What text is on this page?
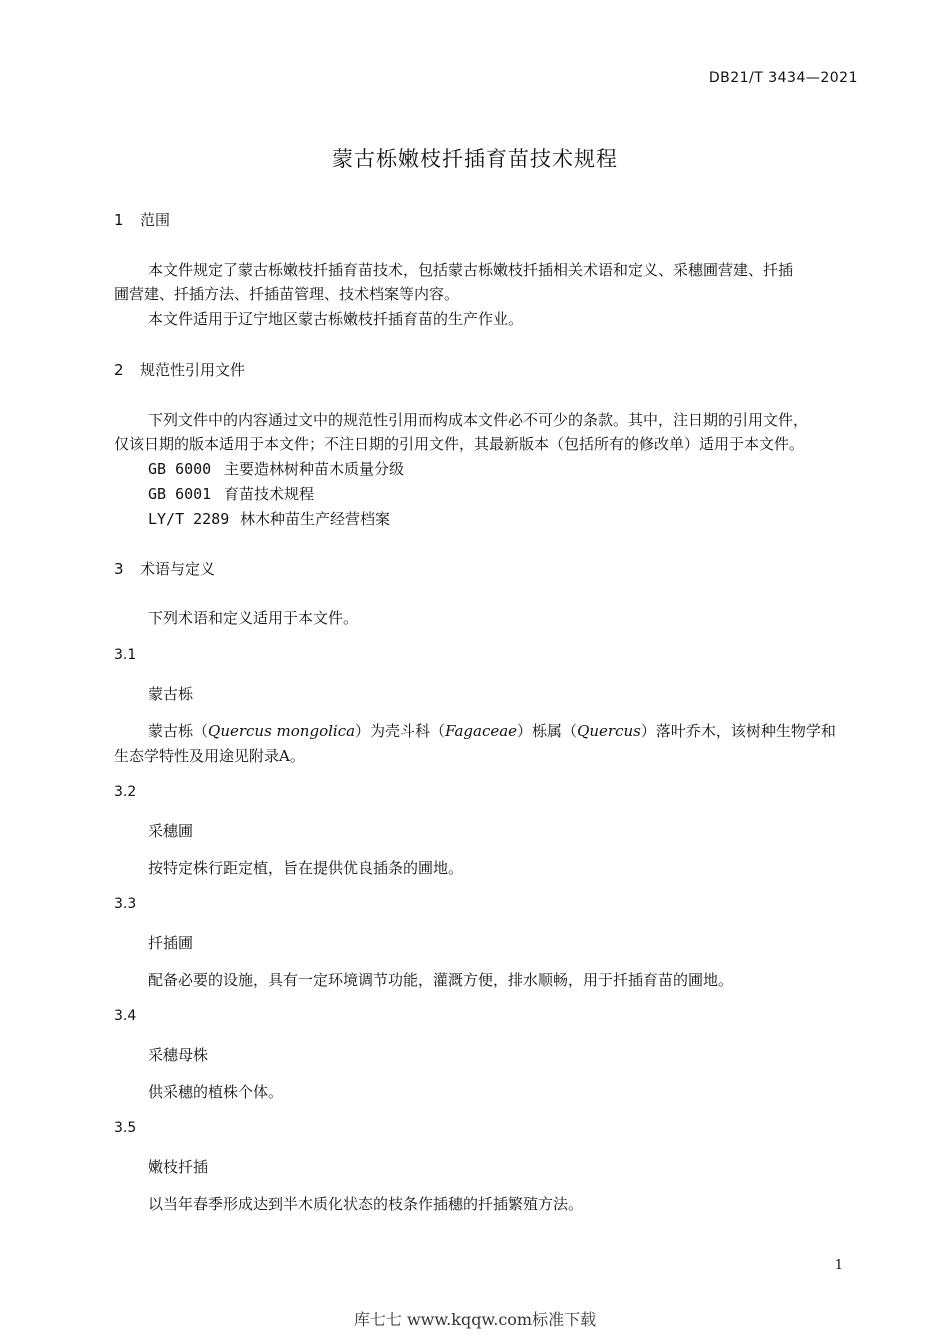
DB21/T 3434—2021
蒙古栎嫩枝扦插育苗技术规程
1 范围
本文件规定了蒙古栎嫩枝扦插育苗技术，包括蒙古栎嫩枝扦插相关术语和定义、采穗圃营建、扦插
圃营建、扦插方法、扦插苗管理、技术档案等内容。
本文件适用于辽宁地区蒙古栎嫩枝扦插育苗的生产作业。
2 规范性引用文件
下列文件中的内容通过文中的规范性引用而构成本文件必不可少的条款。其中，注日期的引用文件，
仅该日期的版本适用于本文件；不注日期的引用文件，其最新版本（包括所有的修改单）适用于本文件。
GB 6000 主要造林树种苗木质量分级
GB 6001 育苗技术规程
LY/T 2289 林木种苗生产经营档案
3 术语与定义
下列术语和定义适用于本文件。
3.1
蒙古栎
蒙古栎（Quercus mongolica）为壳斗科（Fagaceae）栎属（Quercus）落叶乔木，该树种生物学和
生态学特性及用途见附录A。
3.2
采穗圃
按特定株行距定植，旨在提供优良插条的圃地。
3.3
扦插圃
配备必要的设施，具有一定环境调节功能，灌溉方便，排水顺畅，用于扦插育苗的圃地。
3.4
采穗母株
供采穗的植株个体。
3.5
嫩枝扦插
以当年春季形成达到半木质化状态的枝条作插穗的扦插繁殖方法。
1
库七七 www.kqqw.com标准下载
